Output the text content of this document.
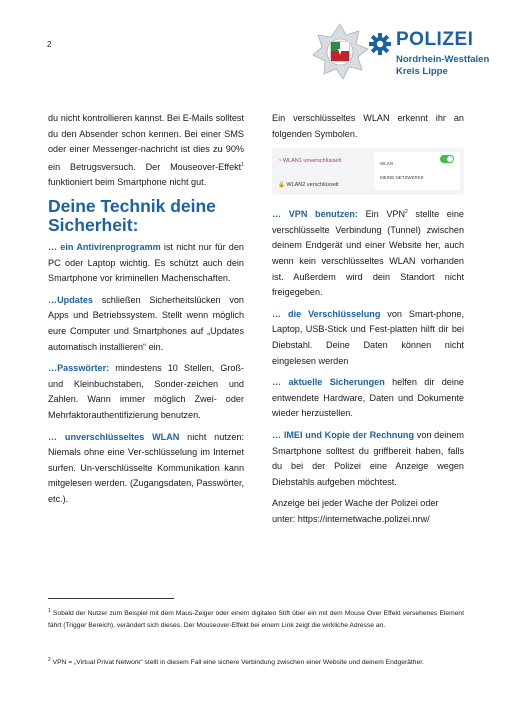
2	POLIZEI
Nordrhein-Westfalen
Kreis Lippe

du nicht kontrollieren kannst. Bei E-Mails solltest du den Absender schon kennen. Bei einer SMS oder einer Messenger-nachricht ist dies zu 90% ein Betrugsversuch. Der Mouseover-Effekt$^1$ funktioniert beim Smartphone nicht gut.

Deine Technik deine Sicherheit:

… ein Antivirenprogramm ist nicht nur für den PC oder Laptop wichtig. Es schützt auch dein Smartphone vor kriminellen Machenschaften.

…Updates schließen Sicherheitslücken von Apps und Betriebssystem. Stellt wenn möglich eure Computer und Smartphones auf „Updates automatisch installieren“ ein.

…Passwörter: mindestens 10 Stellen, Groß- und Kleinbuchstaben, Sonder-zeichen und Zahlen. Wann immer möglich Zwei- oder Mehrfaktorauthentifizierung benutzen.

… unverschlüsseltes WLAN nicht nutzen: Niemals ohne eine Ver-schlüsselung im Internet surfen. Un-verschlüsselte Kommunikation kann mitgelesen werden. (Zugangsdaten, Passwörter, etc.).

Ein verschlüsseltes WLAN erkennt ihr an folgenden Symbolen.

◔ WLAN1 unverschlüsselt
🔒 WLAN2 verschlüsselt
WLAN
MEINE NETZWERKE

… VPN benutzen: Ein VPN$^2$ stellte eine verschlüsselte Verbindung (Tunnel) zwischen deinem Endgerät und einer Website her, auch wenn kein verschlüsseltes WLAN vorhanden ist. Außerdem wird dein Standort nicht freigegeben.

… die Verschlüsselung von Smart-phone, Laptop, USB-Stick und Fest-platten hilft dir bei Diebstahl. Deine Daten können nicht eingelesen werden

… aktuelle Sicherungen helfen dir deine entwendete Hardware, Daten und Dokumente wieder herzustellen.

… IMEI und Kopie der Rechnung von deinem Smartphone solltest du griffbereit haben, falls du bei der Polizei eine Anzeige wegen Diebstahls aufgeben möchtest.

Anzeige bei jeder Wache der Polizei oder unter: https://internetwache.polizei.nrw/

$^1$ Sobald der Nutzer zum Beispiel mit dem Maus-Zeiger oder einem digitalen Stift über ein mit dem Mouse Over Effekt versehenes Element fährt (Trigger Bereich), verändert sich dieses. Der Mouseover-Effekt bei einem Link zeigt die wirkliche Adresse an.
$^2$ VPN = „Virtual Privat Network“ stellt in diesem Fall eine sichere Verbindung zwischen einer Website und deinem Endgeräther.
